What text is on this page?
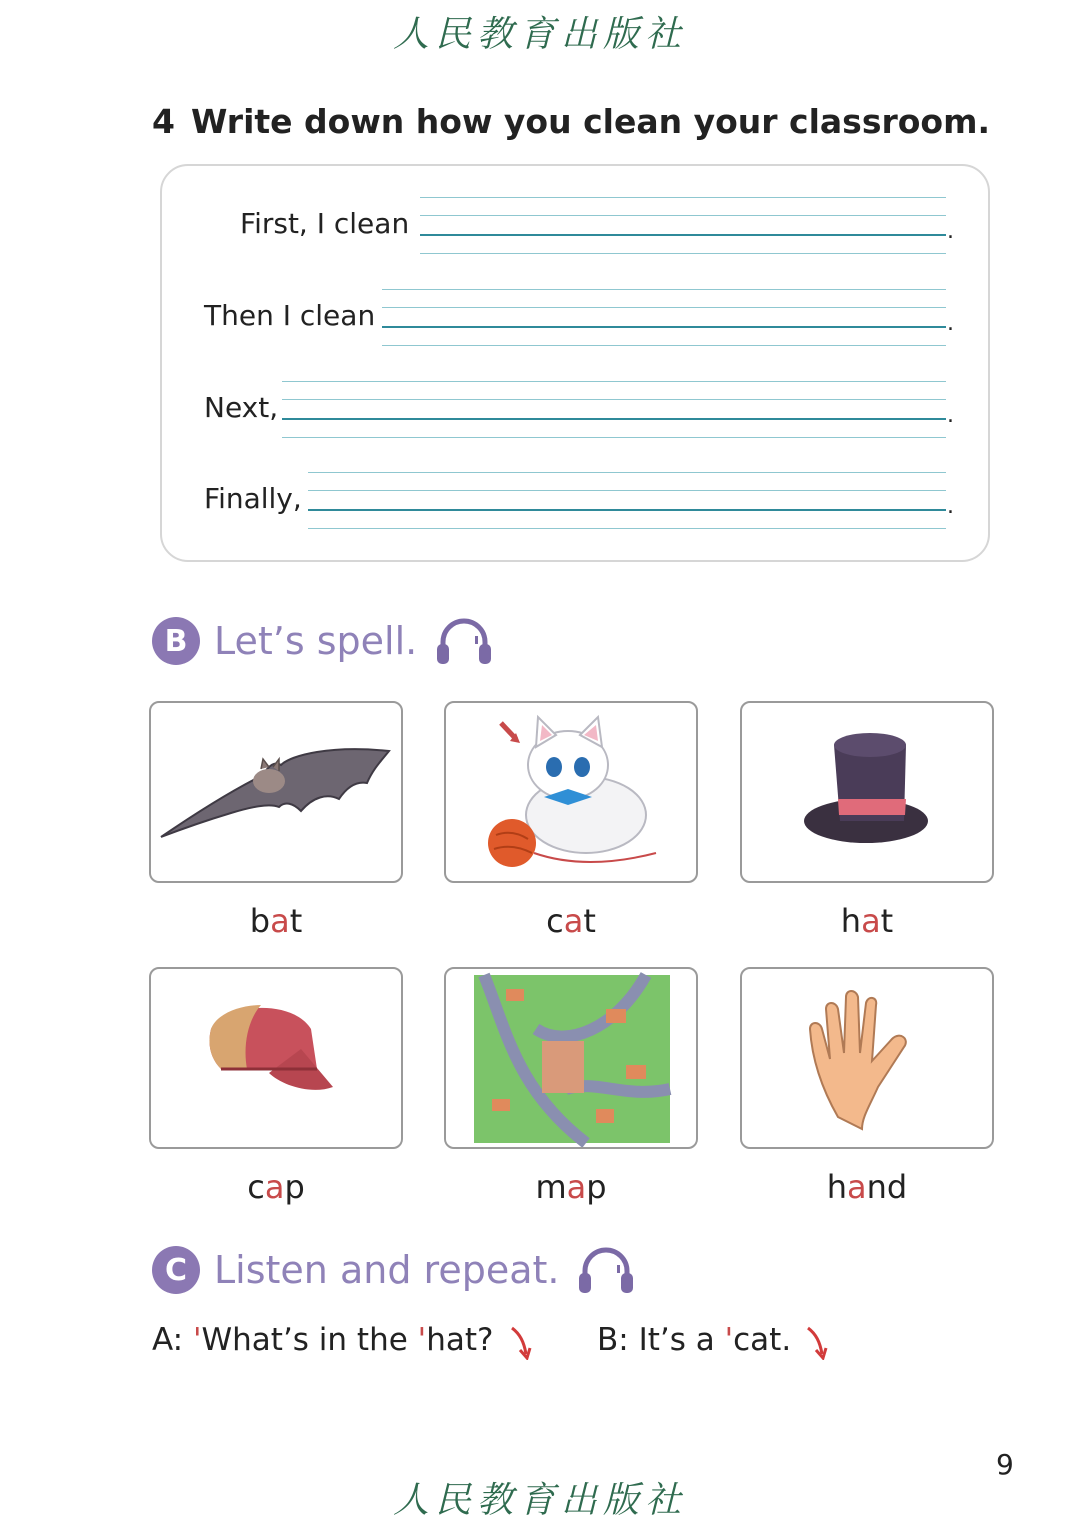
人民教育出版社
4 Write down how you clean your classroom.
First, I clean	.
Then I clean	.
Next,	.
Finally,	.
B Let’s spell.
bat	cat	hat
cap	map	hand
C Listen and repeat.
A: 'What’s in the 'hat?	B: It’s a 'cat.
9
人民教育出版社
